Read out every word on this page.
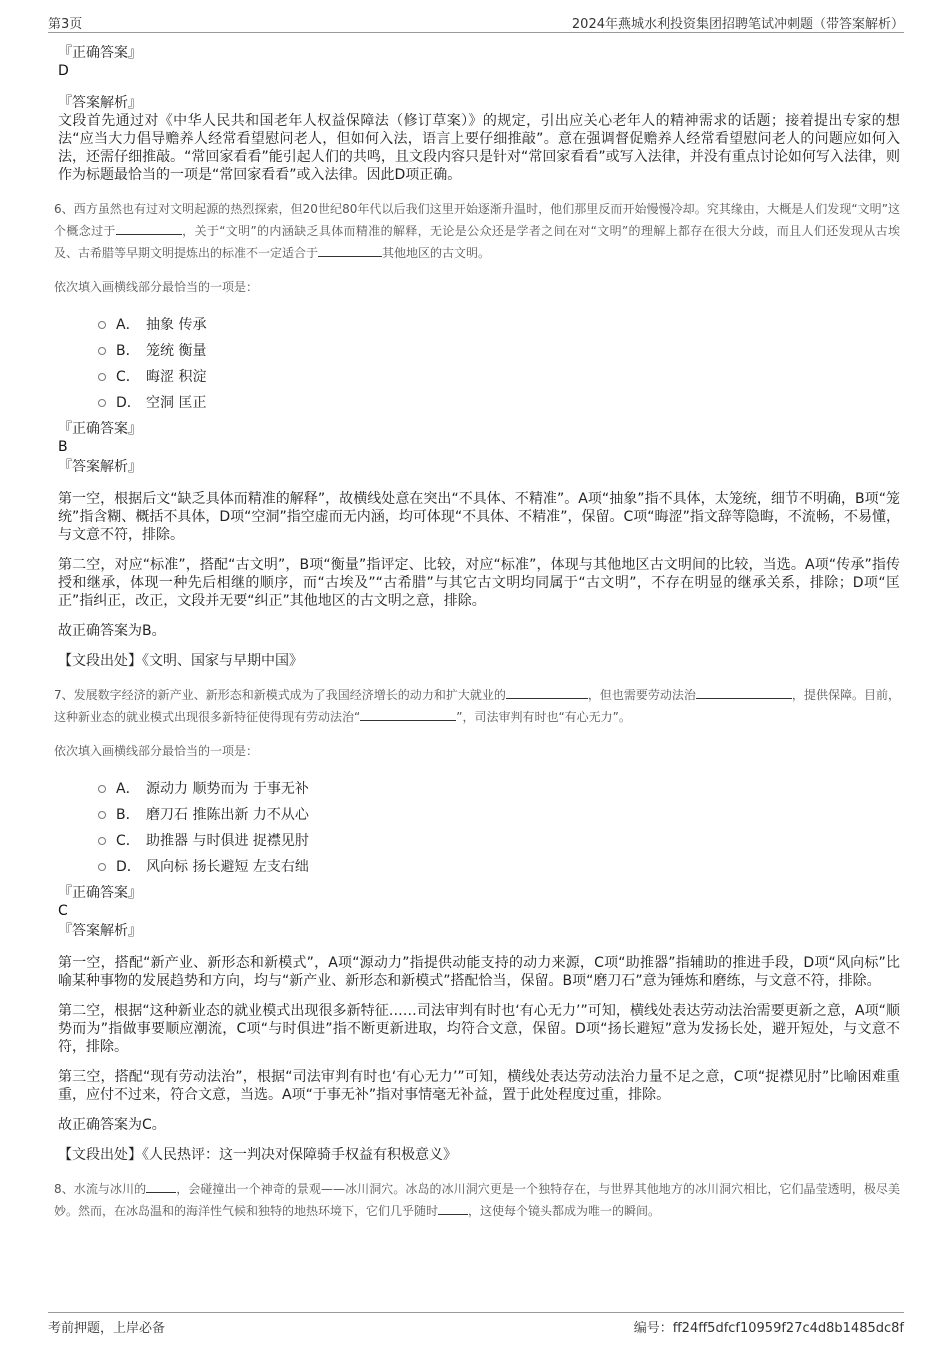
第3页	2024年燕城水利投资集团招聘笔试冲刺题（带答案解析）
『正确答案』
D
『答案解析』

文段首先通过对《中华人民共和国老年人权益保障法（修订草案）》的规定，引出应关心老年人的精神需求的话题；接着提出专家的想法“应当大力倡导赡养人经常看望慰问老人，但如何入法，语言上要仔细推敲”。意在强调督促赡养人经常看望慰问老人的问题应如何入法，还需仔细推敲。“常回家看看”能引起人们的共鸣，且文段内容只是针对“常回家看看”或写入法律，并没有重点讨论如何写入法律，则作为标题最恰当的一项是“常回家看看”或入法律。因此D项正确。

6、西方虽然也有过对文明起源的热烈探索，但20世纪80年代以后我们这里开始逐渐升温时，他们那里反而开始慢慢冷却。究其缘由，大概是人们发现“文明”这个概念过于	，关于“文明”的内涵缺乏具体而精准的解释，无论是公众还是学者之间在对“文明”的理解上都存在很大分歧，而且人们还发现从古埃及、古希腊等早期文明提炼出的标准不一定适合于	其他地区的古文明。
依次填入画横线部分最恰当的一项是：
A． 抽象 传承
B． 笼统 衡量
C． 晦涩 积淀
D． 空洞 匡正
『正确答案』
B
『答案解析』

第一空，根据后文“缺乏具体而精准的解释”，故横线处意在突出“不具体、不精准”。A项“抽象”指不具体，太笼统，细节不明确，B项“笼统”指含糊、概括不具体，D项“空洞”指空虚而无内涵，均可体现“不具体、不精准”，保留。C项“晦涩”指文辞等隐晦，不流畅，不易懂，与文意不符，排除。

第二空，对应“标准”，搭配“古文明”，B项“衡量”指评定、比较，对应“标准”，体现与其他地区古文明间的比较，当选。A项“传承”指传授和继承，体现一种先后相继的顺序，而“古埃及”“古希腊”与其它古文明均同属于“古文明”，不存在明显的继承关系，排除；D项“匡正”指纠正，改正，文段并无要“纠正”其他地区的古文明之意，排除。

故正确答案为B。

【文段出处】《文明、国家与早期中国》
7、发展数字经济的新产业、新形态和新模式成为了我国经济增长的动力和扩大就业的	，但也需要劳动法治	，提供保障。目前，这种新业态的就业模式出现很多新特征使得现有劳动法治“	”，司法审判有时也“有心无力”。
依次填入画横线部分最恰当的一项是：
A． 源动力 顺势而为 于事无补
B． 磨刀石 推陈出新 力不从心
C． 助推器 与时俱进 捉襟见肘
D． 风向标 扬长避短 左支右绌
『正确答案』
C
『答案解析』

第一空，搭配“新产业、新形态和新模式”，A项“源动力”指提供动能支持的动力来源，C项“助推器”指辅助的推进手段，D项“风向标”比喻某种事物的发展趋势和方向，均与“新产业、新形态和新模式”搭配恰当，保留。B项“磨刀石”意为锤炼和磨练，与文意不符，排除。

第二空，根据“这种新业态的就业模式出现很多新特征……司法审判有时也‘有心无力’”可知，横线处表达劳动法治需要更新之意，A项“顺势而为”指做事要顺应潮流，C项“与时俱进”指不断更新进取，均符合文意，保留。D项“扬长避短”意为发扬长处，避开短处，与文意不符，排除。

第三空，搭配“现有劳动法治”，根据“司法审判有时也‘有心无力’”可知，横线处表达劳动法治力量不足之意，C项“捉襟见肘”比喻困难重重，应付不过来，符合文意，当选。A项“于事无补”指对事情毫无补益，置于此处程度过重，排除。

故正确答案为C。

【文段出处】《人民热评：这一判决对保障骑手权益有积极意义》
8、水流与冰川的	，会碰撞出一个神奇的景观——冰川洞穴。冰岛的冰川洞穴更是一个独特存在，与世界其他地方的冰川洞穴相比，它们晶莹透明，极尽美妙。然而，在冰岛温和的海洋性气候和独特的地热环境下，它们几乎随时	，这使每个镜头都成为唯一的瞬间。
考前押题，上岸必备	编号：ff24ff5dfcf10959f27c4d8b1485dc8f
